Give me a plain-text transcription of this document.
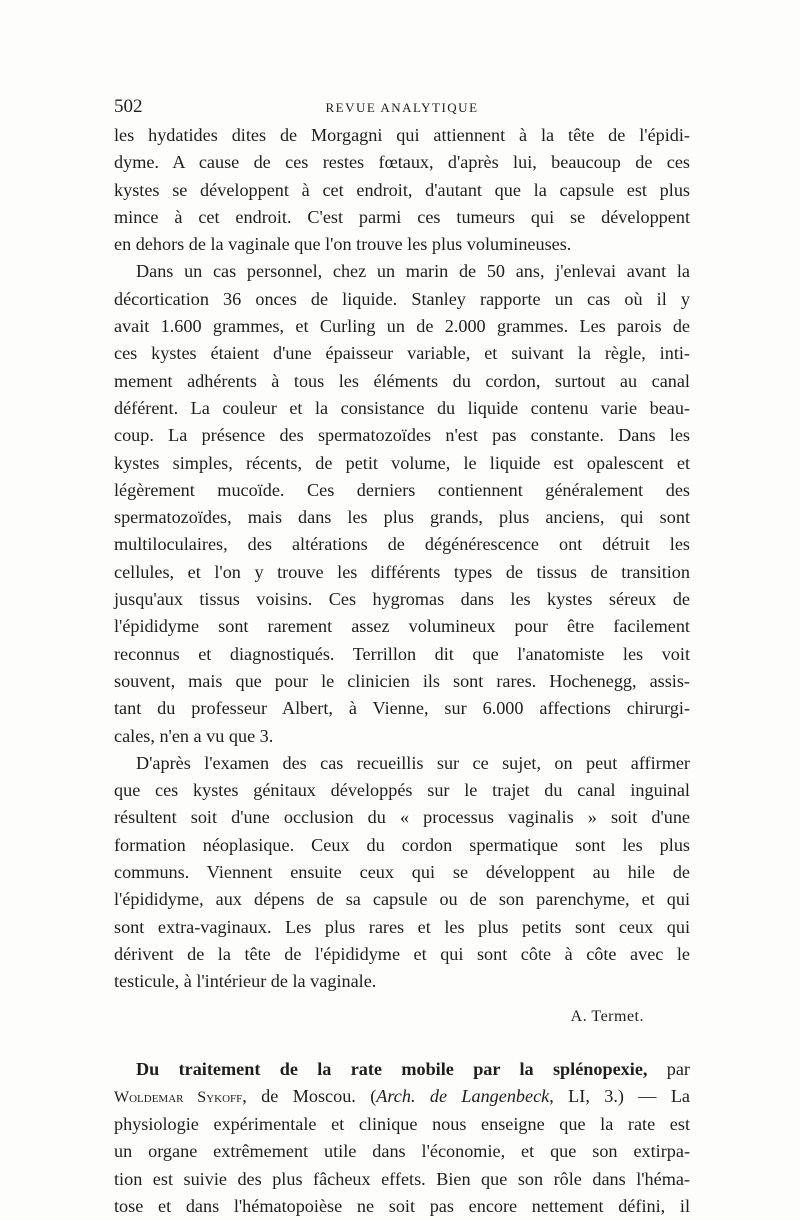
502	REVUE ANALYTIQUE

les hydatides dites de Morgagni qui attiennent à la tête de l'épidi-
dyme. A cause de ces restes fœtaux, d'après lui, beaucoup de ces
kystes se développent à cet endroit, d'autant que la capsule est plus
mince à cet endroit. C'est parmi ces tumeurs qui se développent
en dehors de la vaginale que l'on trouve les plus volumineuses.

Dans un cas personnel, chez un marin de 50 ans, j'enlevai avant la
décortication 36 onces de liquide. Stanley rapporte un cas où il y
avait 1.600 grammes, et Curling un de 2.000 grammes. Les parois de
ces kystes étaient d'une épaisseur variable, et suivant la règle, inti-
mement adhérents à tous les éléments du cordon, surtout au canal
déférent. La couleur et la consistance du liquide contenu varie beau-
coup. La présence des spermatozoïdes n'est pas constante. Dans les
kystes simples, récents, de petit volume, le liquide est opalescent et
légèrement mucoïde. Ces derniers contiennent généralement des
spermatozoïdes, mais dans les plus grands, plus anciens, qui sont
multiloculaires, des altérations de dégénérescence ont détruit les
cellules, et l'on y trouve les différents types de tissus de transition
jusqu'aux tissus voisins. Ces hygromas dans les kystes séreux de
l'épididyme sont rarement assez volumineux pour être facilement
reconnus et diagnostiqués. Terrillon dit que l'anatomiste les voit
souvent, mais que pour le clinicien ils sont rares. Hochenegg, assis-
tant du professeur Albert, à Vienne, sur 6.000 affections chirurgi-
cales, n'en a vu que 3.

D'après l'examen des cas recueillis sur ce sujet, on peut affirmer
que ces kystes génitaux développés sur le trajet du canal inguinal
résultent soit d'une occlusion du « processus vaginalis » soit d'une
formation néoplasique. Ceux du cordon spermatique sont les plus
communs. Viennent ensuite ceux qui se développent au hile de
l'épididyme, aux dépens de sa capsule ou de son parenchyme, et qui
sont extra-vaginaux. Les plus rares et les plus petits sont ceux qui
dérivent de la tête de l'épididyme et qui sont côte à côte avec le
testicule, à l'intérieur de la vaginale.

A. Termet.

Du traitement de la rate mobile par la splénopexie, par
Woldemar Sykoff, de Moscou. (Arch. de Langenbeck, LI, 3.) — La
physiologie expérimentale et clinique nous enseigne que la rate est
un organe extrêmement utile dans l'économie, et que son extirpa-
tion est suivie des plus fâcheux effets. Bien que son rôle dans l'héma-
tose et dans l'hématopoièse ne soit pas encore nettement défini, il
